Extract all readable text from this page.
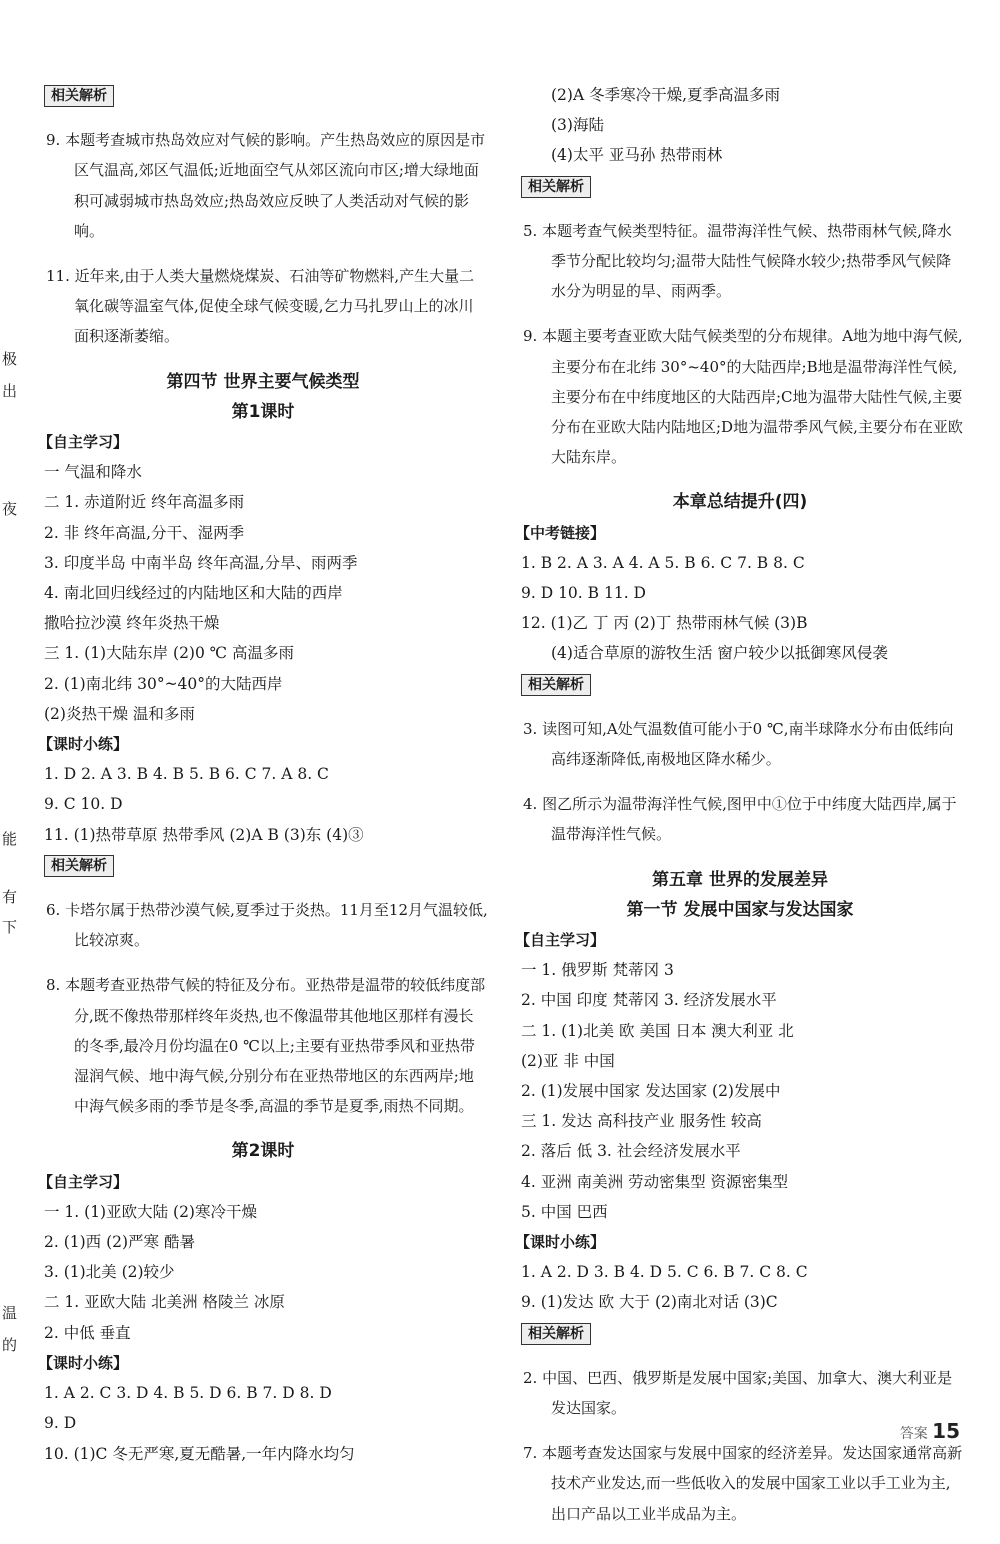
极
出
夜
能
有
下
温
的
相关解析

9. 本题考查城市热岛效应对气候的影响。产生热岛效应的原因是市区气温高,郊区气温低;近地面空气从郊区流向市区;增大绿地面积可减弱城市热岛效应;热岛效应反映了人类活动对气候的影响。

11. 近年来,由于人类大量燃烧煤炭、石油等矿物燃料,产生大量二氧化碳等温室气体,促使全球气候变暖,乞力马扎罗山上的冰川面积逐渐萎缩。

第四节 世界主要气候类型
第1课时
【自主学习】

一 气温和降水

二 1. 赤道附近 终年高温多雨

2. 非 终年高温,分干、湿两季

3. 印度半岛 中南半岛 终年高温,分旱、雨两季

4. 南北回归线经过的内陆地区和大陆的西岸

撒哈拉沙漠 终年炎热干燥

三 1. (1)大陆东岸 (2)0 ℃ 高温多雨

2. (1)南北纬 30°~40°的大陆西岸

(2)炎热干燥 温和多雨

【课时小练】

1. D 2. A 3. B 4. B 5. B 6. C 7. A 8. C

9. C 10. D

11. (1)热带草原 热带季风 (2)A B (3)东 (4)③

相关解析

6. 卡塔尔属于热带沙漠气候,夏季过于炎热。11月至12月气温较低,比较凉爽。

8. 本题考查亚热带气候的特征及分布。亚热带是温带的较低纬度部分,既不像热带那样终年炎热,也不像温带其他地区那样有漫长的冬季,最冷月份均温在0 ℃以上;主要有亚热带季风和亚热带湿润气候、地中海气候,分别分布在亚热带地区的东西两岸;地中海气候多雨的季节是冬季,高温的季节是夏季,雨热不同期。

第2课时
【自主学习】

一 1. (1)亚欧大陆 (2)寒冷干燥

2. (1)西 (2)严寒 酷暑

3. (1)北美 (2)较少

二 1. 亚欧大陆 北美洲 格陵兰 冰原

2. 中低 垂直

【课时小练】

1. A 2. C 3. D 4. B 5. D 6. B 7. D 8. D

9. D

10. (1)C 冬无严寒,夏无酷暑,一年内降水均匀

(2)A 冬季寒冷干燥,夏季高温多雨

(3)海陆

(4)太平 亚马孙 热带雨林

相关解析

5. 本题考查气候类型特征。温带海洋性气候、热带雨林气候,降水季节分配比较均匀;温带大陆性气候降水较少;热带季风气候降水分为明显的旱、雨两季。

9. 本题主要考查亚欧大陆气候类型的分布规律。A地为地中海气候,主要分布在北纬 30°~40°的大陆西岸;B地是温带海洋性气候,主要分布在中纬度地区的大陆西岸;C地为温带大陆性气候,主要分布在亚欧大陆内陆地区;D地为温带季风气候,主要分布在亚欧大陆东岸。

本章总结提升(四)
【中考链接】

1. B 2. A 3. A 4. A 5. B 6. C 7. B 8. C

9. D 10. B 11. D

12. (1)乙 丁 丙 (2)丁 热带雨林气候 (3)B

(4)适合草原的游牧生活 窗户较少以抵御寒风侵袭

相关解析

3. 读图可知,A处气温数值可能小于0 ℃,南半球降水分布由低纬向高纬逐渐降低,南极地区降水稀少。

4. 图乙所示为温带海洋性气候,图甲中①位于中纬度大陆西岸,属于温带海洋性气候。

第五章 世界的发展差异
第一节 发展中国家与发达国家
【自主学习】

一 1. 俄罗斯 梵蒂冈 3

2. 中国 印度 梵蒂冈 3. 经济发展水平

二 1. (1)北美 欧 美国 日本 澳大利亚 北

(2)亚 非 中国

2. (1)发展中国家 发达国家 (2)发展中

三 1. 发达 高科技产业 服务性 较高

2. 落后 低 3. 社会经济发展水平

4. 亚洲 南美洲 劳动密集型 资源密集型

5. 中国 巴西

【课时小练】

1. A 2. D 3. B 4. D 5. C 6. B 7. C 8. C

9. (1)发达 欧 大于 (2)南北对话 (3)C

相关解析

2. 中国、巴西、俄罗斯是发展中国家;美国、加拿大、澳大利亚是发达国家。

7. 本题考查发达国家与发展中国家的经济差异。发达国家通常高新技术产业发达,而一些低收入的发展中国家工业以手工业为主,出口产品以工业半成品为主。

答案 15
